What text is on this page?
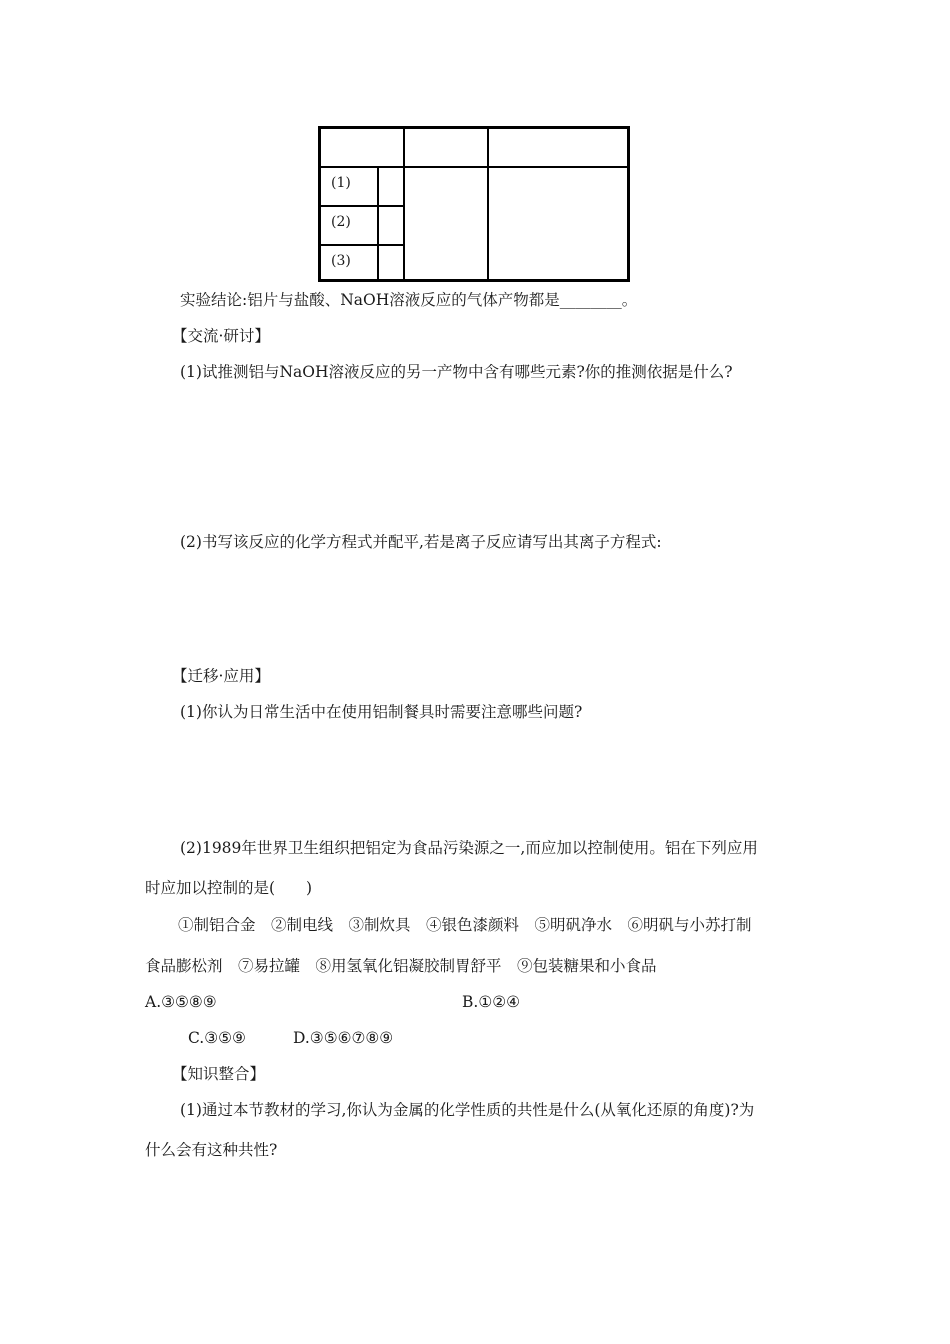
(1)
(2)
(3)
实验结论:铝片与盐酸、NaOH溶液反应的气体产物都是________。
【交流·研讨】
(1)试推测铝与NaOH溶液反应的另一产物中含有哪些元素?你的推测依据是什么?
(2)书写该反应的化学方程式并配平,若是离子反应请写出其离子方程式:
【迁移·应用】
(1)你认为日常生活中在使用铝制餐具时需要注意哪些问题?
(2)1989年世界卫生组织把铝定为食品污染源之一,而应加以控制使用。铝在下列应用
时应加以控制的是(　　)
①制铝合金　②制电线　③制炊具　④银色漆颜料　⑤明矾净水　⑥明矾与小苏打制
食品膨松剂　⑦易拉罐　⑧用氢氧化铝凝胶制胃舒平　⑨包装糖果和小食品
A.③⑤⑧⑨	B.①②④
C.③⑤⑨	D.③⑤⑥⑦⑧⑨
【知识整合】
(1)通过本节教材的学习,你认为金属的化学性质的共性是什么(从氧化还原的角度)?为
什么会有这种共性?
